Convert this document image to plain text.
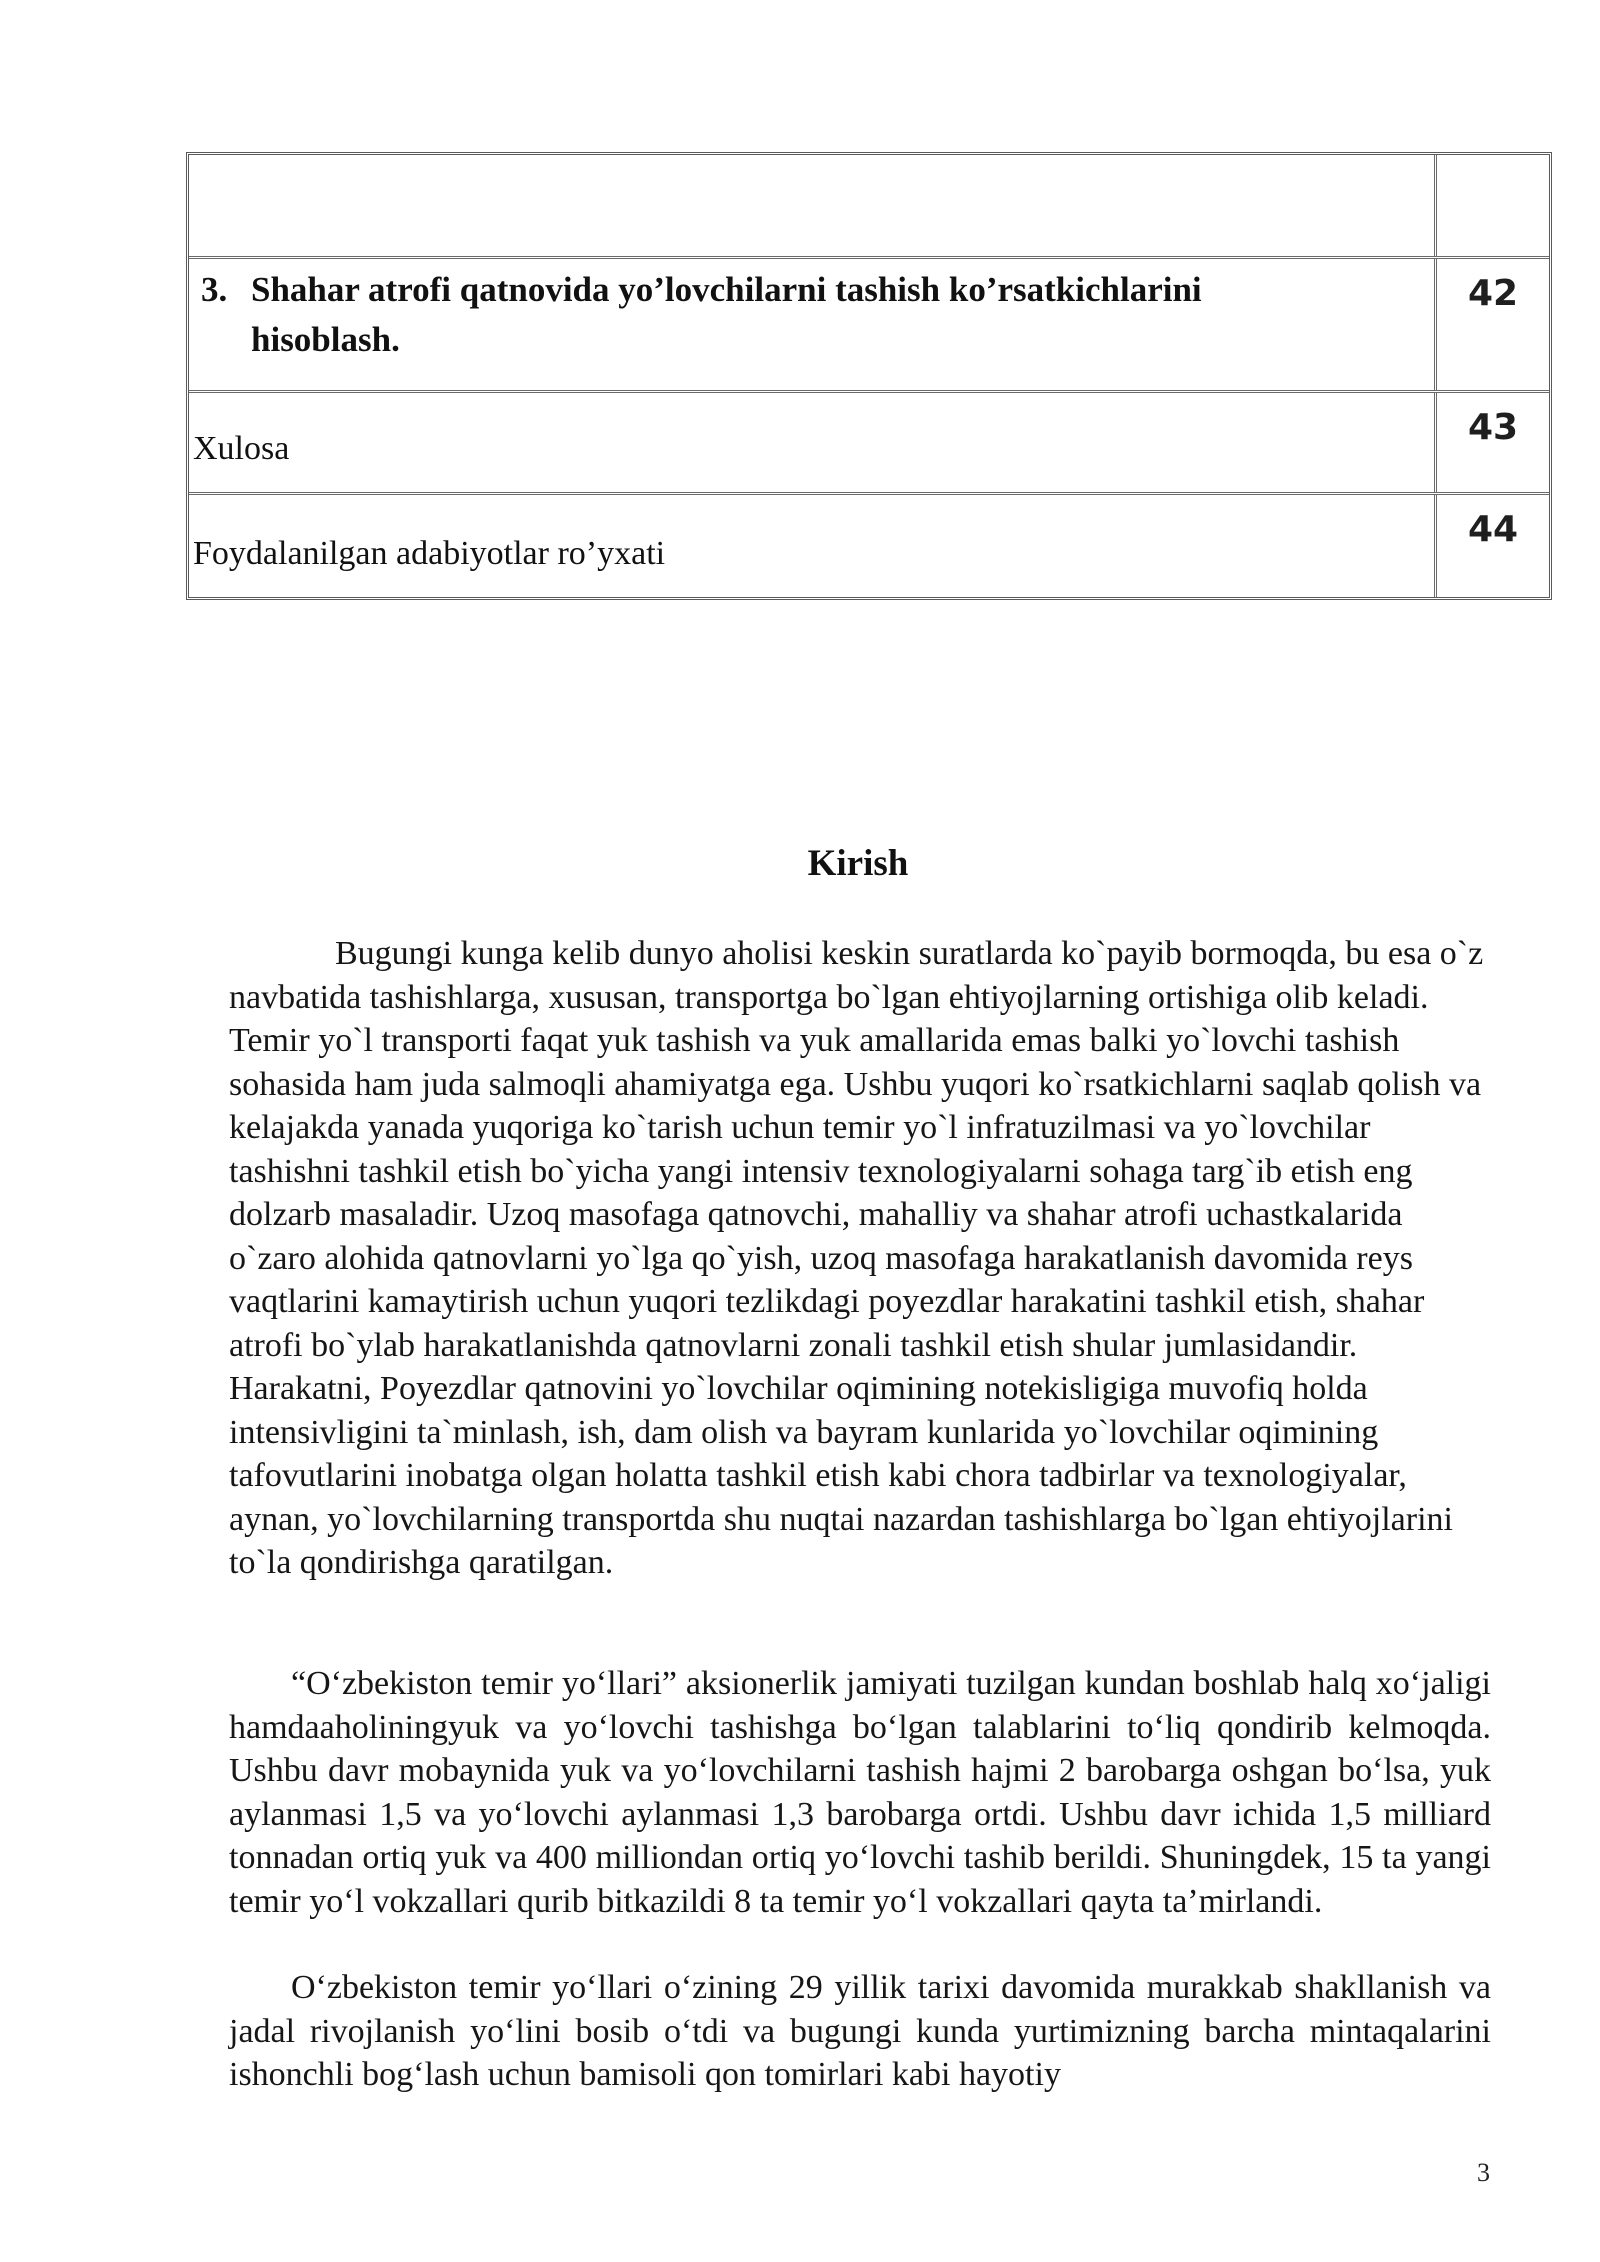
3. Shahar atrofi qatnovida yo’lovchilarni tashish ko’rsatkichlarini hisoblash.
42
Xulosa
43
Foydalanilgan adabiyotlar ro’yxati
44
Kirish

Bugungi kunga kelib dunyo aholisi keskin suratlarda ko`payib bormoqda, bu esa o`z navbatida tashishlarga, xususan, transportga bo`lgan ehtiyojlarning ortishiga olib keladi. Temir yo`l transporti faqat yuk tashish va yuk amallarida emas balki yo`lovchi tashish sohasida ham juda salmoqli ahamiyatga ega. Ushbu yuqori ko`rsatkichlarni saqlab qolish va kelajakda yanada yuqoriga ko`tarish uchun temir yo`l infratuzilmasi va yo`lovchilar tashishni tashkil etish bo`yicha yangi intensiv texnologiyalarni sohaga targ`ib etish eng dolzarb masaladir. Uzoq masofaga qatnovchi, mahalliy va shahar atrofi uchastkalarida o`zaro alohida qatnovlarni yo`lga qo`yish, uzoq masofaga harakatlanish davomida reys vaqtlarini kamaytirish uchun yuqori tezlikdagi poyezdlar harakatini tashkil etish, shahar atrofi bo`ylab harakatlanishda qatnovlarni zonali tashkil etish shular jumlasidandir. Harakatni, Poyezdlar qatnovini yo`lovchilar oqimining notekisligiga muvofiq holda intensivligini ta`minlash, ish, dam olish va bayram kunlarida yo`lovchilar oqimining tafovutlarini inobatga olgan holatta tashkil etish kabi chora tadbirlar va texnologiyalar, aynan, yo`lovchilarning transportda shu nuqtai nazardan tashishlarga bo`lgan ehtiyojlarini to`la qondirishga qaratilgan.

“O‘zbekiston temir yo‘llari” aksionerlik jamiyati tuzilgan kundan boshlab halq xo‘jaligi hamdaaholiningyuk va yo‘lovchi tashishga bo‘lgan talablarini to‘liq qondirib kelmoqda. Ushbu davr mobaynida yuk va yo‘lovchilarni tashish hajmi 2 barobarga oshgan bo‘lsa, yuk aylanmasi 1,5 va yo‘lovchi aylanmasi 1,3 barobarga ortdi. Ushbu davr ichida 1,5 milliard tonnadan ortiq yuk va 400 milliondan ortiq yo‘lovchi tashib berildi. Shuningdek, 15 ta yangi temir yo‘l vokzallari qurib bitkazildi 8 ta temir yo‘l vokzallari qayta ta’mirlandi.

O‘zbekiston temir yo‘llari o‘zining 29 yillik tarixi davomida murakkab shakllanish va jadal rivojlanish yo‘lini bosib o‘tdi va bugungi kunda yurtimizning barcha mintaqalarini ishonchli bog‘lash uchun bamisoli qon tomirlari kabi hayotiy

3
